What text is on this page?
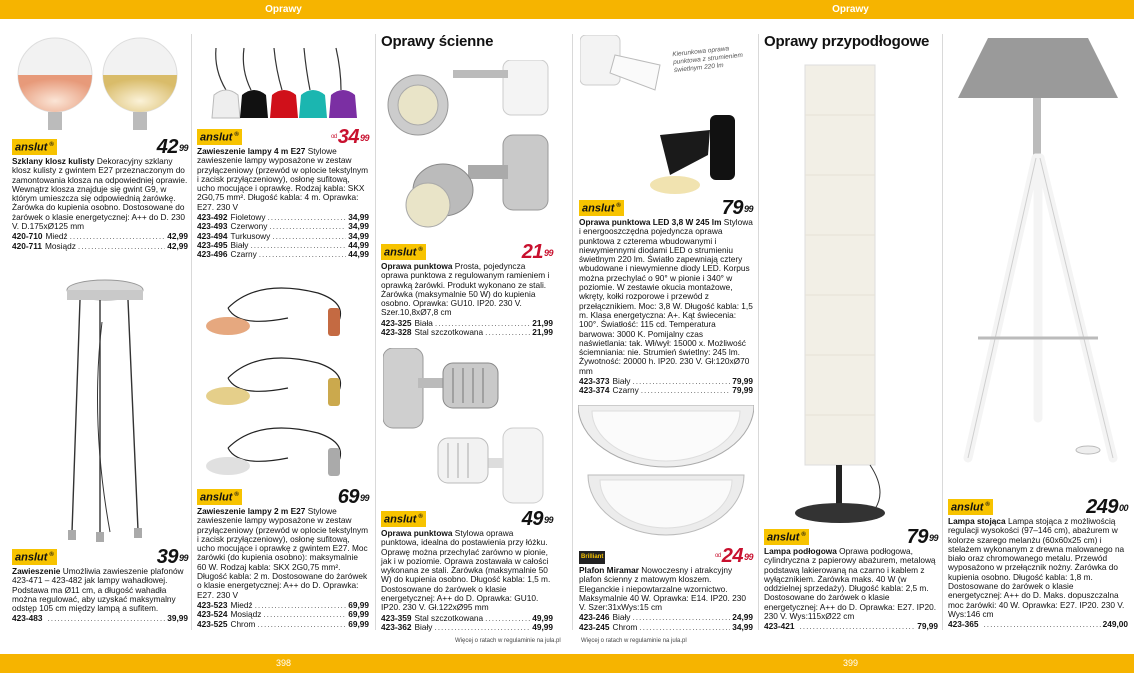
Oprawy	Oprawy
398	399
Oprawy ścienne	Oprawy przypodłogowe
Kierunkowa oprawa punktowa z strumieniem świetlnym 220 lm
anslut ®	$42^{99}$
Szklany klosz kulisty Dekoracyjny szklany klosz kulisty z gwintem E27 przeznaczonym do zamontowania klosza na odpowiedniej oprawie. Wewnątrz klosza znajduje się gwint G9, w którym umieszcza się odpowiednią żarówkę. Żarówka do kupienia osobno. Dostosowane do żarówek o klasie energetycznej: A++ do D. 230 V. D.175xØ125 mm
420-710 Miedź .....	42,99
420-711 Mosiądz .....	42,99
anslut ®	$^{od}34^{99}$
Zawieszenie lampy 4 m E27 Stylowe zawieszenie lampy wyposażone w zestaw przyłączeniowy (przewód w oplocie tekstylnym i zacisk przyłączeniowy), osłonę sufitową, ucho mocujące i oprawkę. Rodzaj kabla: SKX 2G0,75 mm². Długość kabla: 4 m. Oprawka: E27. 230 V
423-492 Fioletowy .....	34,99
423-493 Czerwony .....	34,99
423-494 Turkusowy .....	34,99
423-495 Biały .....	44,99
423-496 Czarny .....	44,99
anslut ®	$39^{99}$
Zawieszenie Umożliwia zawieszenie plafonów 423-471 – 423-482 jak lampy wahadłowej. Podstawa ma Ø11 cm, a długość wahadła można regulować, aby uzyskać maksymalny odstęp 105 cm między lampą a sufitem.
423-483 .....	39,99
anslut ®	$69^{99}$
Zawieszenie lampy 2 m E27 Stylowe zawieszenie lampy wyposażone w zestaw przyłączeniowy (przewód w oplocie tekstylnym i zacisk przyłączeniowy), osłonę sufitową, ucho mocujące i oprawkę z gwintem E27. Moc żarówki (do kupienia osobno): maksymalnie 60 W. Rodzaj kabla: SKX 2G0,75 mm². Długość kabla: 2 m. Dostosowane do żarówek o klasie energetycznej: A++ do D. Oprawka: E27. 230 V
423-523 Miedź .....	69,99
423-524 Mosiądz .....	69,99
423-525 Chrom .....	69,99
anslut ®	$21^{99}$
Oprawa punktowa Prosta, pojedyncza oprawa punktowa z regulowanym ramieniem i oprawką żarówki. Produkt wykonano ze stali. Żarówka (maksymalnie 50 W) do kupienia osobno. Oprawka: GU10. IP20. 230 V. Szer.10,8xØ7,8 cm
423-325 Biała .....	21,99
423-328 Stal szczotkowana .....	21,99
anslut ®	$49^{99}$
Oprawa punktowa Stylowa oprawa punktowa, idealna do postawienia przy łóżku. Oprawę można przechylać zarówno w pionie, jak i w poziomie. Oprawa zostawała w całości wykonana ze stali. Żarówka (maksymalnie 50 W) do kupienia osobno. Długość kabla: 1,5 m. Dostosowane do żarówek o klasie energetycznej: A++ do D. Oprawka: GU10. IP20. 230 V. Gł.122xØ95 mm
423-359 Stal szczotkowana .....	49,99
423-362 Biały .....	49,99
anslut ®	$79^{99}$
Oprawa punktowa LED 3,8 W 245 lm Stylowa i energooszczędna pojedyncza oprawa punktowa z czterema wbudowanymi i niewymiennymi diodami LED o strumieniu świetlnym 220 lm. Światło zapewniają cztery wbudowane i niewymienne diody LED. Korpus można przechylać o 90° w pionie i 340° w poziomie. W zestawie okucia montażowe, wkręty, kołki rozporowe i przewód z przełącznikiem. Moc: 3,8 W. Długość kabla: 1,5 m. Klasa energetyczna: A+. Kąt świecenia: 100°. Światłość: 115 cd. Temperatura barwowa: 3000 K. Pomijalny czas naświetlania: tak. Wł/wył: 15000 x. Możliwość ściemniania: nie. Strumień świetlny: 245 lm. Żywotność: 20000 h. IP20. 230 V. Gł:120xØ70 mm
423-373 Biały .....	79,99
423-374 Czarny .....	79,99
Brilliant	$^{od}24^{99}$
Plafon Miramar Nowoczesny i atrakcyjny plafon ścienny z matowym kloszem. Eleganckie i niepowtarzalne wzornictwo. Maksymalnie 40 W. Oprawka: E14. IP20. 230 V. Szer:31xWys:15 cm
423-246 Biały .....	24,99
423-245 Chrom .....	34,99
anslut ®	$79^{99}$
Lampa podłogowa Oprawa podłogowa, cylindryczna z papierowy abażurem, metalową podstawą lakierowaną na czarno i kablem z wyłącznikiem. Żarówka maks. 40 W (w oddzielnej sprzedaży). Długość kabla: 2,5 m. Dostosowane do żarówek o klasie energetycznej: A++ do D. Oprawka: E27. IP20. 230 V. Wys:115xØ22 cm
423-421 .....	79,99
anslut ®	$249^{00}$
Lampa stojąca Lampa stojąca z możliwością regulacji wysokości (97–146 cm), abażurem w kolorze szarego melanżu (60x60x25 cm) i stelażem wykonanym z drewna malowanego na biało oraz chromowanego metalu. Przewód wyposażono w przełącznik nożny. Żarówka do kupienia osobno. Długość kabla: 1,8 m. Dostosowane do żarówek o klasie energetycznej: A++ do D. Maks. dopuszczalna moc żarówki: 40 W. Oprawka: E27. IP20. 230 V. Wys:146 cm
423-365 .....	249,00
Więcej o ratach w regulaminie na jula.pl	Więcej o ratach w regulaminie na jula.pl
